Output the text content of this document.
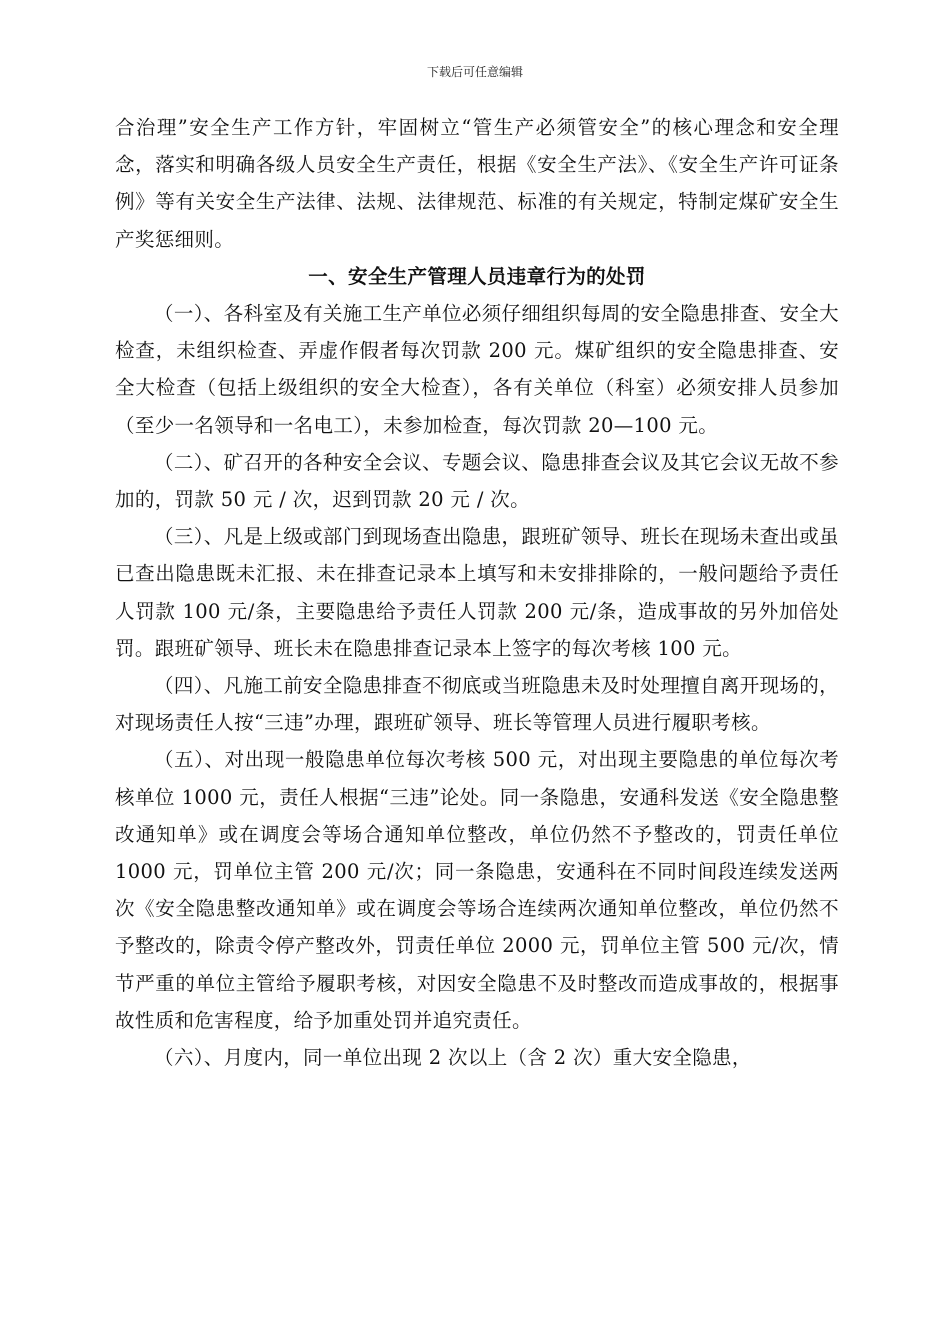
下载后可任意编辑

合治理”安全生产工作方针，牢固树立“管生产必须管安全”的核心理念和安全理念，落实和明确各级人员安全生产责任，根据《安全生产法》、《安全生产许可证条例》等有关安全生产法律、法规、法律规范、标准的有关规定，特制定煤矿安全生产奖惩细则。

一、安全生产管理人员违章行为的处罚

（一）、各科室及有关施工生产单位必须仔细组织每周的安全隐患排查、安全大检查，未组织检查、弄虚作假者每次罚款 200 元。煤矿组织的安全隐患排查、安全大检查（包括上级组织的安全大检查），各有关单位（科室）必须安排人员参加（至少一名领导和一名电工），未参加检查，每次罚款 20—100 元。

（二）、矿召开的各种安全会议、专题会议、隐患排查会议及其它会议无故不参加的，罚款 50 元 / 次，迟到罚款 20 元 / 次。

（三）、凡是上级或部门到现场查出隐患，跟班矿领导、班长在现场未查出或虽已查出隐患既未汇报、未在排查记录本上填写和未安排排除的，一般问题给予责任人罚款 100 元/条，主要隐患给予责任人罚款 200 元/条，造成事故的另外加倍处罚。跟班矿领导、班长未在隐患排查记录本上签字的每次考核 100 元。

（四）、凡施工前安全隐患排查不彻底或当班隐患未及时处理擅自离开现场的，对现场责任人按“三违”办理，跟班矿领导、班长等管理人员进行履职考核。

（五）、对出现一般隐患单位每次考核 500 元，对出现主要隐患的单位每次考核单位 1000 元，责任人根据“三违”论处。同一条隐患，安通科发送《安全隐患整改通知单》或在调度会等场合通知单位整改，单位仍然不予整改的，罚责任单位 1000 元，罚单位主管 200 元/次；同一条隐患，安通科在不同时间段连续发送两次《安全隐患整改通知单》或在调度会等场合连续两次通知单位整改，单位仍然不予整改的，除责令停产整改外，罚责任单位 2000 元，罚单位主管 500 元/次，情节严重的单位主管给予履职考核，对因安全隐患不及时整改而造成事故的，根据事故性质和危害程度，给予加重处罚并追究责任。

（六）、月度内，同一单位出现 2 次以上（含 2 次）重大安全隐患，
